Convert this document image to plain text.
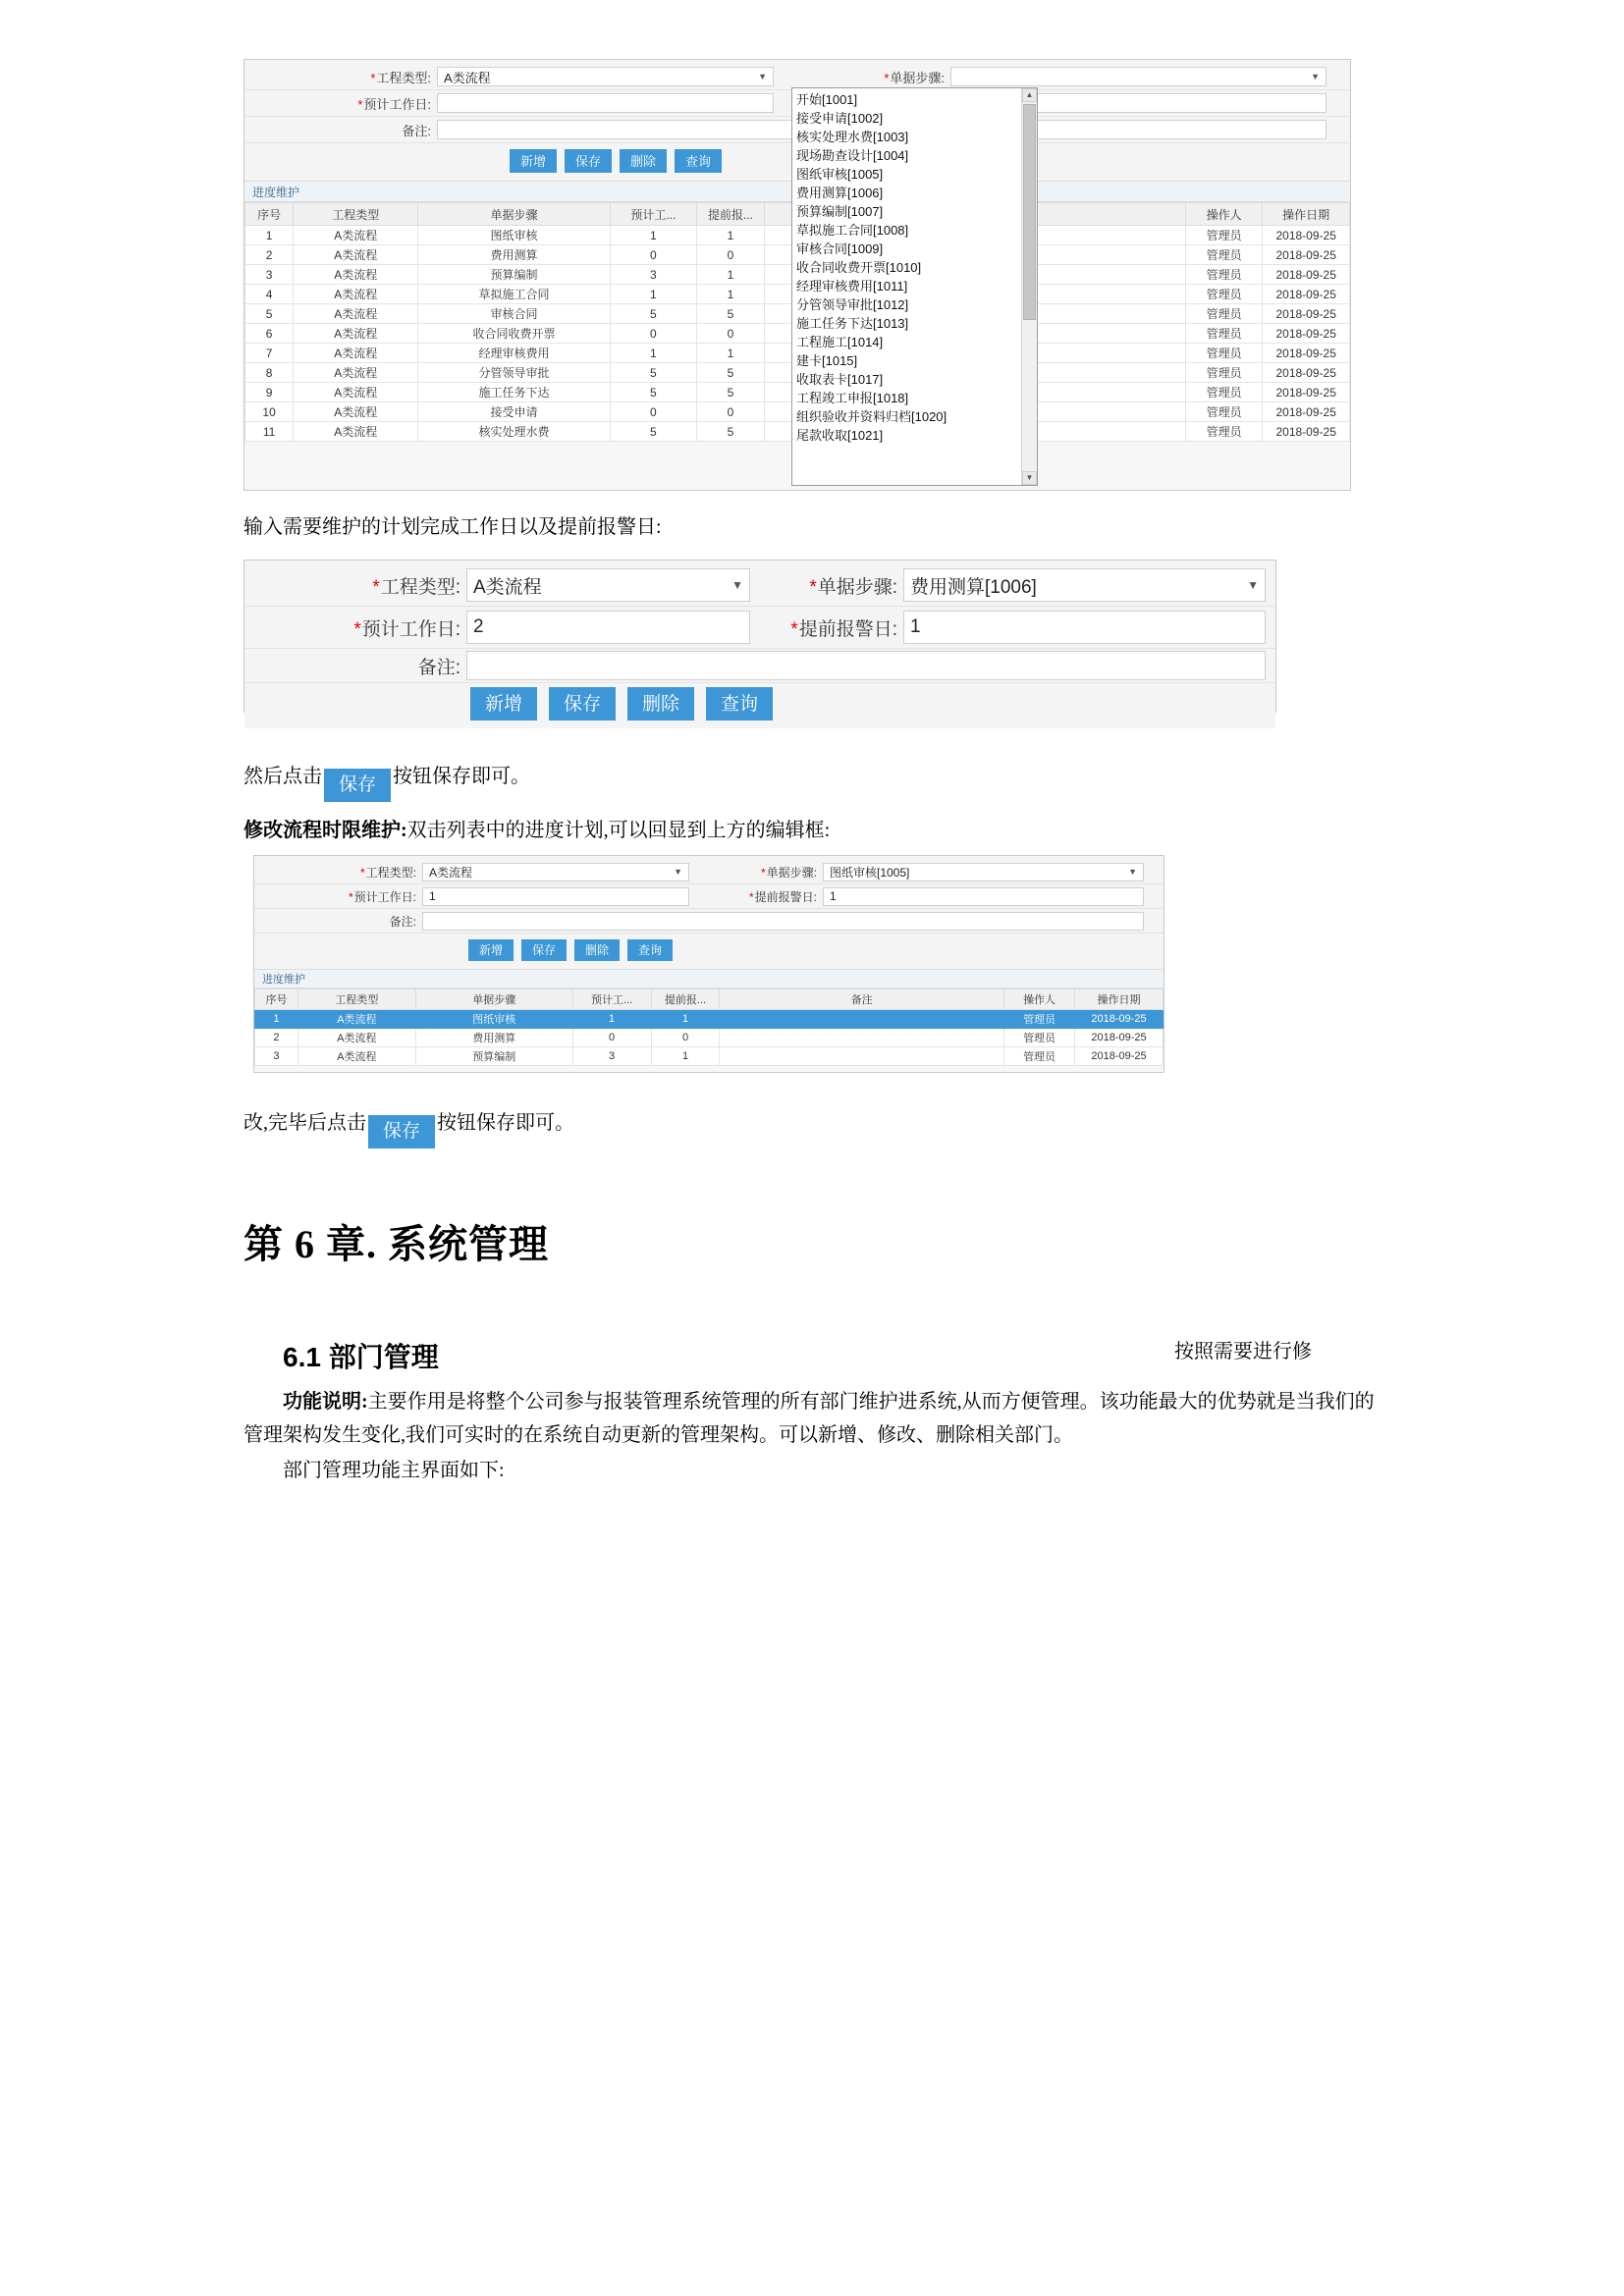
*工程类型:	A类流程	▼	*单据步骤:	▼
*预计工作日:
备注:
新增	保存	删除	查询
进度维护
序号	工程类型	单据步骤	预计工...	提前报...		操作人	操作日期
1	A类流程	图纸审核	1	1		管理员	2018-09-25
2	A类流程	费用测算	0	0		管理员	2018-09-25
3	A类流程	预算编制	3	1		管理员	2018-09-25
4	A类流程	草拟施工合同	1	1		管理员	2018-09-25
5	A类流程	审核合同	5	5		管理员	2018-09-25
6	A类流程	收合同收费开票	0	0		管理员	2018-09-25
7	A类流程	经理审核费用	1	1		管理员	2018-09-25
8	A类流程	分管领导审批	5	5		管理员	2018-09-25
9	A类流程	施工任务下达	5	5		管理员	2018-09-25
10	A类流程	接受申请	0	0		管理员	2018-09-25
11	A类流程	核实处理水费	5	5		管理员	2018-09-25
开始[1001]
接受申请[1002]
核实处理水费[1003]
现场勘查设计[1004]
图纸审核[1005]
费用测算[1006]
预算编制[1007]
草拟施工合同[1008]
审核合同[1009]
收合同收费开票[1010]
经理审核费用[1011]
分管领导审批[1012]
施工任务下达[1013]
工程施工[1014]
建卡[1015]
收取表卡[1017]
工程竣工申报[1018]
组织验收并资料归档[1020]
尾款收取[1021]
▲
▼

输入需要维护的计划完成工作日以及提前报警日:

*工程类型: A类流程	▼	*单据步骤: 费用测算[1006]	▼
*预计工作日: 2	*提前报警日: 1
备注:
新增	保存	删除	查询

然后点击 保存 按钮保存即可。

修改流程时限维护:双击列表中的进度计划,可以回显到上方的编辑框:

*工程类型:	A类流程	▼	*单据步骤:	图纸审核[1005]	▼
*预计工作日:	1	*提前报警日:	1
备注:
新增	保存	删除	查询
进度维护
序号	工程类型	单据步骤	预计工...	提前报...	备注	操作人	操作日期
1	A类流程	图纸审核	1	1		管理员	2018-09-25
2	A类流程	费用测算	0	0		管理员	2018-09-25
3	A类流程	预算编制	3	1		管理员	2018-09-25
按照需要进行修

改,完毕后点击 保存 按钮保存即可。

第 6 章. 系统管理
6.1 部门管理

功能说明:主要作用是将整个公司参与报装管理系统管理的所有部门维护进系统,从而方便管理。该功能最大的优势就是当我们的管理架构发生变化,我们可实时的在系统自动更新的管理架构。可以新增、修改、删除相关部门。

部门管理功能主界面如下:
